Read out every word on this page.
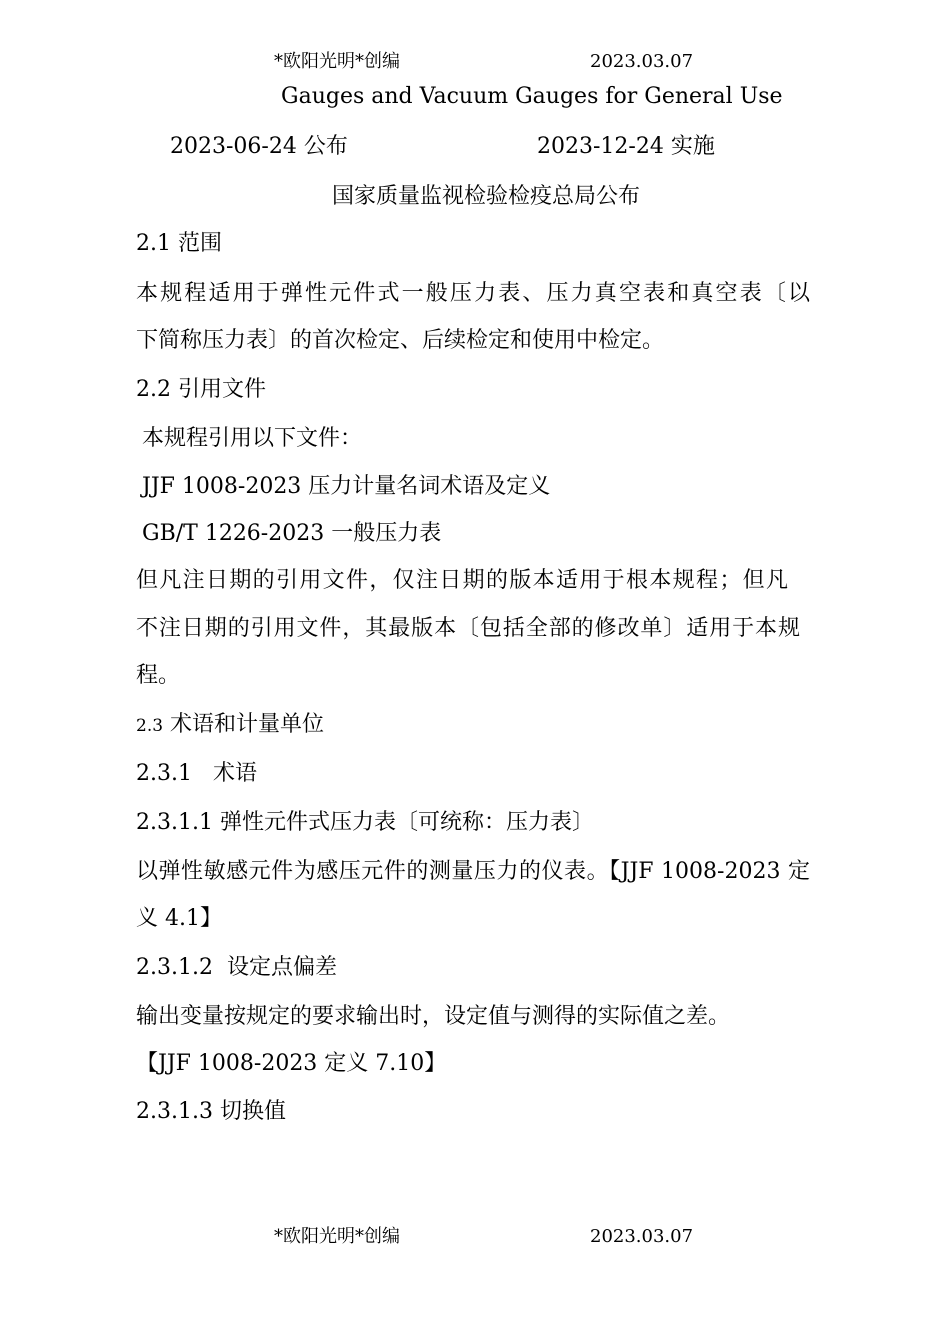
*欧阳光明*创编	2023.03.07
Gauges and Vacuum Gauges for General Use
2023-06-24 公布	2023-12-24 实施
国家质量监视检验检疫总局公布
2.1 范围
本规程适用于弹性元件式一般压力表、压力真空表和真空表〔以
下简称压力表〕的首次检定、后续检定和使用中检定。
2.2 引用文件
本规程引用以下文件：
JJF 1008-2023 压力计量名词术语及定义
GB/T 1226-2023 一般压力表
但凡注日期的引用文件，仅注日期的版本适用于根本规程；但凡
不注日期的引用文件，其最版本〔包括全部的修改单〕适用于本规
程。
2.3 术语和计量单位
2.3.1   术语
2.3.1.1 弹性元件式压力表〔可统称：压力表〕
以弹性敏感元件为感压元件的测量压力的仪表。【JJF 1008-2023 定
义 4.1】
2.3.1.2  设定点偏差
输出变量按规定的要求输出时，设定值与测得的实际值之差。
【JJF 1008-2023 定义 7.10】
2.3.1.3 切换值
*欧阳光明*创编	2023.03.07
